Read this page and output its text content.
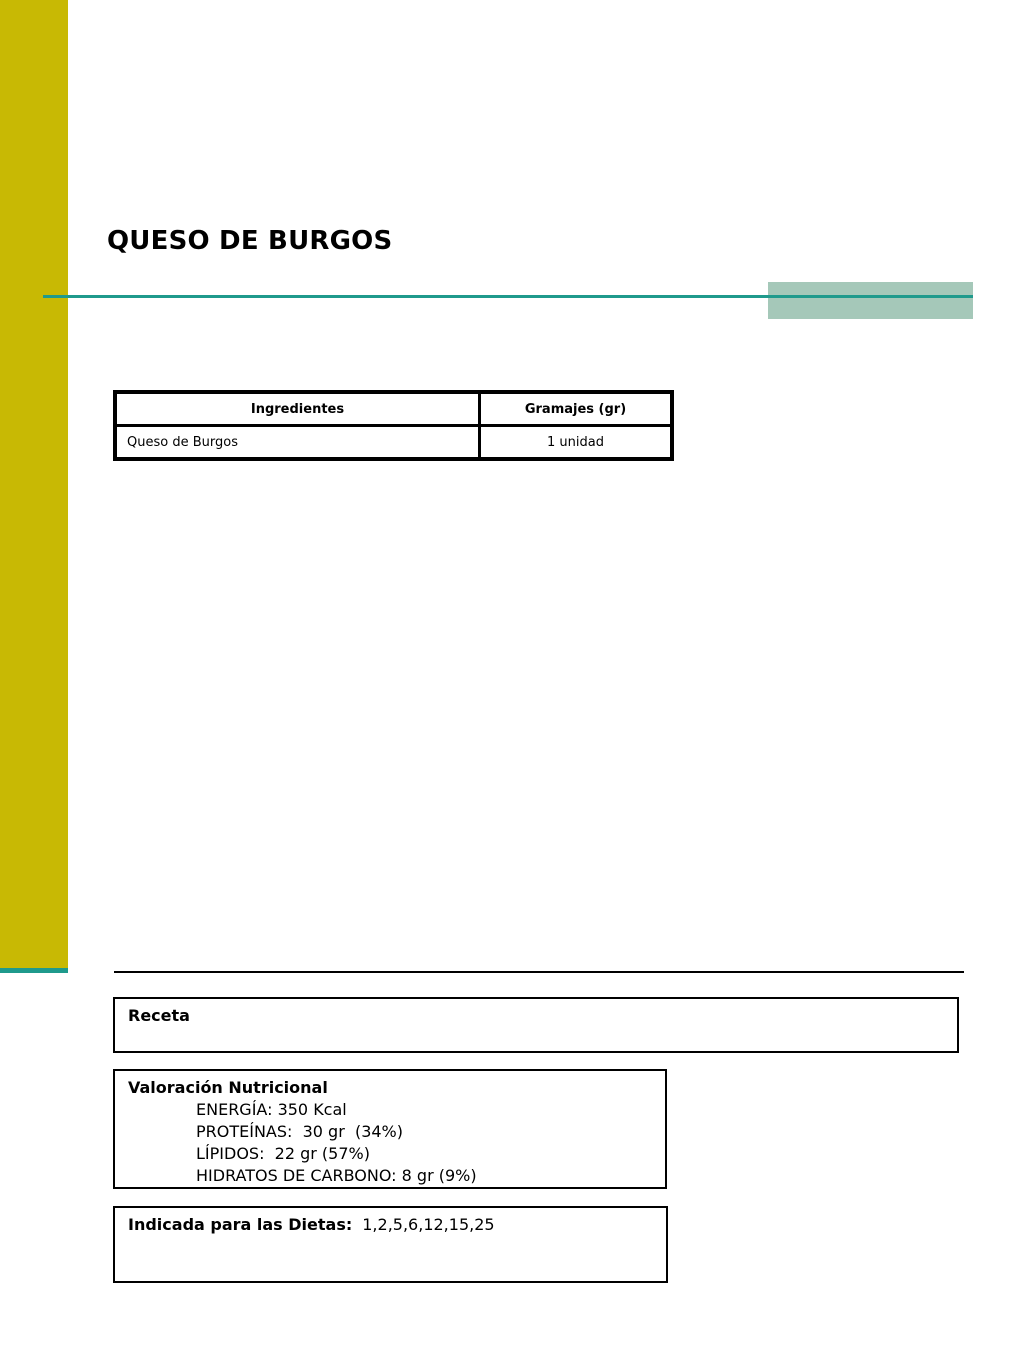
QUESO DE BURGOS
Ingredientes	Gramajes (gr)
Queso de Burgos	1 unidad
Receta
Valoración Nutricional
ENERGÍA: 350 Kcal
PROTEÍNAS:  30 gr  (34%)
LÍPIDOS:  22 gr (57%)
HIDRATOS DE CARBONO: 8 gr (9%)
Indicada para las Dietas: 1,2,5,6,12,15,25
